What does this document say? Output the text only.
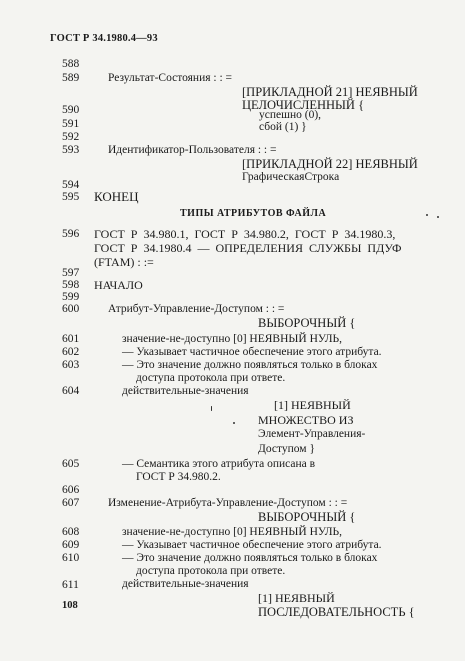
ГОСТ Р 34.1980.4—93
588
589	Результат-Состояния : : =
[ПРИКЛАДНОЙ 21] НЕЯВНЫЙ
ЦЕЛОЧИСЛЕННЫЙ {
590	успешно (0),
591	сбой (1) }
592
593	Идентификатор-Пользователя : : =
[ПРИКЛАДНОЙ 22] НЕЯВНЫЙ
ГрафическаяСтрока
594
595 КОНЕЦ
ТИПЫ АТРИБУТОВ ФАЙЛА
596 ГОСТ Р 34.980.1, ГОСТ Р 34.980.2, ГОСТ Р 34.1980.3,
ГОСТ Р 34.1980.4 — ОПРЕДЕЛЕНИЯ СЛУЖБЫ ПДУФ
(FTAM) : :=
597
598 НАЧАЛО
599
600	Атрибут-Управление-Доступом : : =
ВЫБОРОЧНЫЙ {
601	значение-не-доступно [0] НЕЯВНЫЙ НУЛЬ,
602	— Указывает частичное обеспечение этого атрибута.
603	— Это значение должно появляться только в блоках
доступа протокола при ответе.
604	действительные-значения
[1] НЕЯВНЫЙ
МНОЖЕСТВО ИЗ
Элемент-Управления-
Доступом }
605	— Семантика этого атрибута описана в
ГОСТ Р 34.980.2.
606
607	Изменение-Атрибута-Управление-Доступом : : =
ВЫБОРОЧНЫЙ {
608	значение-не-доступно [0] НЕЯВНЫЙ НУЛЬ,
609	— Указывает частичное обеспечение этого атрибута.
610	— Это значение должно появляться только в блоках
доступа протокола при ответе.
611	действительные-значения
[1] НЕЯВНЫЙ
ПОСЛЕДОВАТЕЛЬНОСТЬ {
108
